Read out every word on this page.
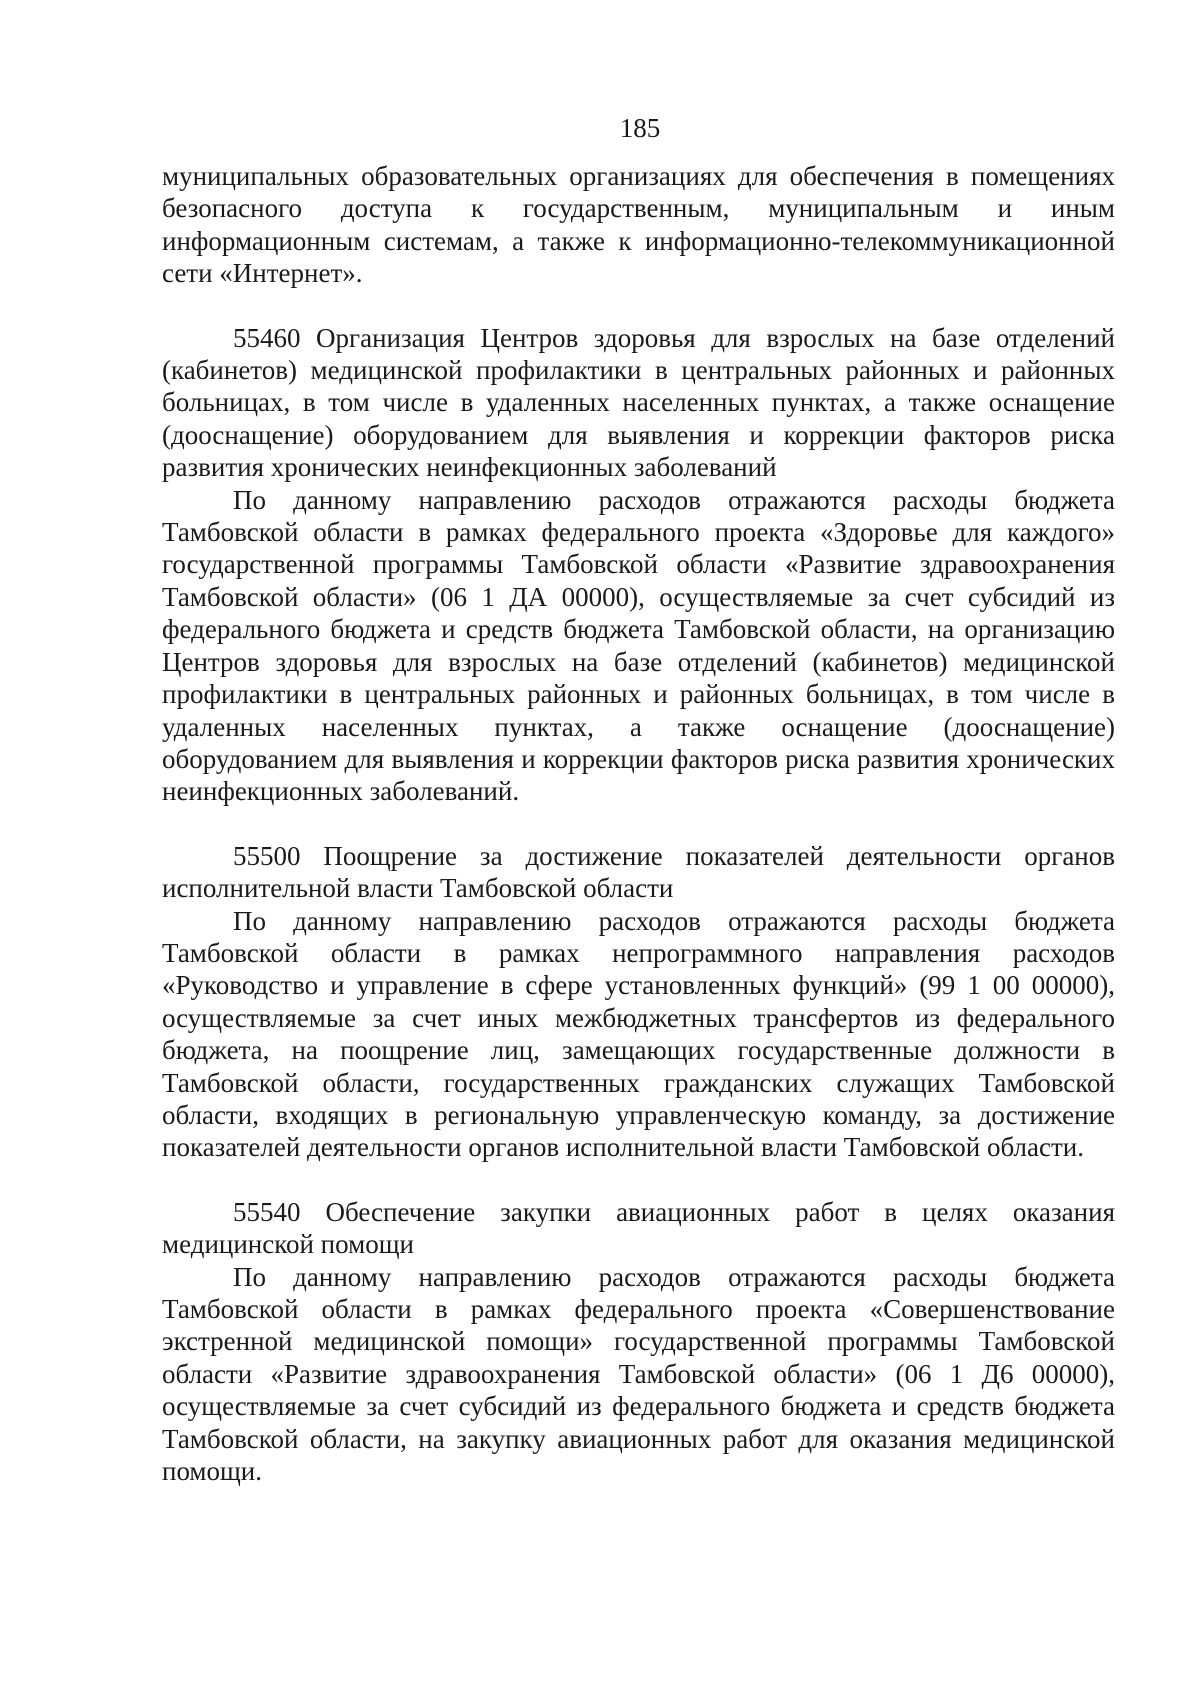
185

муниципальных образовательных организациях для обеспечения в помещениях безопасного доступа к государственным, муниципальным и иным информационным системам, а также к информационно-телекоммуникационной сети «Интернет».

55460 Организация Центров здоровья для взрослых на базе отделений (кабинетов) медицинской профилактики в центральных районных и районных больницах, в том числе в удаленных населенных пунктах, а также оснащение (дооснащение) оборудованием для выявления и коррекции факторов риска развития хронических неинфекционных заболеваний

По данному направлению расходов отражаются расходы бюджета Тамбовской области в рамках федерального проекта «Здоровье для каждого» государственной программы Тамбовской области «Развитие здравоохранения Тамбовской области» (06 1 ДА 00000), осуществляемые за счет субсидий из федерального бюджета и средств бюджета Тамбовской области, на организацию Центров здоровья для взрослых на базе отделений (кабинетов) медицинской профилактики в центральных районных и районных больницах, в том числе в удаленных населенных пунктах, а также оснащение (дооснащение) оборудованием для выявления и коррекции факторов риска развития хронических неинфекционных заболеваний.

55500 Поощрение за достижение показателей деятельности органов исполнительной власти Тамбовской области

По данному направлению расходов отражаются расходы бюджета Тамбовской области в рамках непрограммного направления расходов «Руководство и управление в сфере установленных функций» (99 1 00 00000), осуществляемые за счет иных межбюджетных трансфертов из федерального бюджета, на поощрение лиц, замещающих государственные должности в Тамбовской области, государственных гражданских служащих Тамбовской области, входящих в региональную управленческую команду, за достижение показателей деятельности органов исполнительной власти Тамбовской области.

55540 Обеспечение закупки авиационных работ в целях оказания медицинской помощи

По данному направлению расходов отражаются расходы бюджета Тамбовской области в рамках федерального проекта «Совершенствование экстренной медицинской помощи» государственной программы Тамбовской области «Развитие здравоохранения Тамбовской области» (06 1 Д6 00000), осуществляемые за счет субсидий из федерального бюджета и средств бюджета Тамбовской области, на закупку авиационных работ для оказания медицинской помощи.
